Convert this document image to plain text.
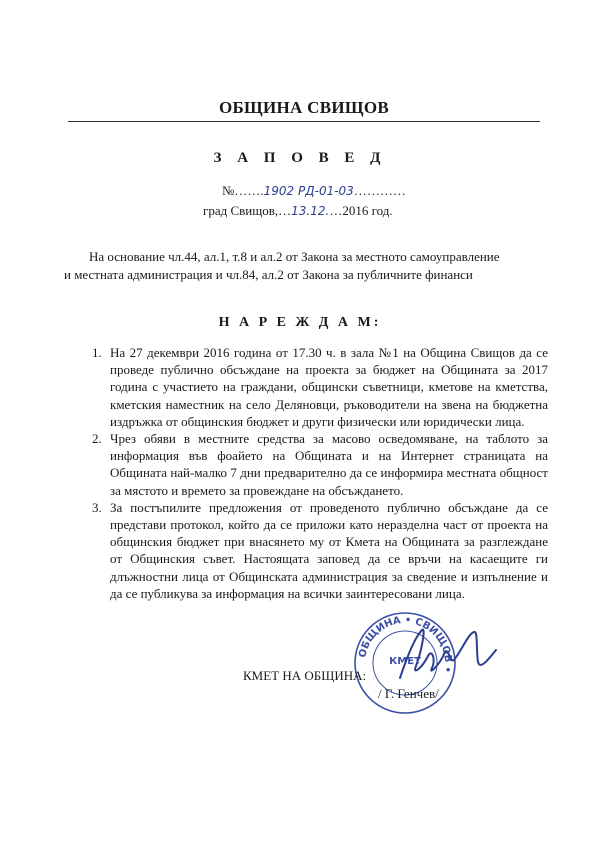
ОБЩИНА СВИЩОВ
З А П О В Е Д
№…….1902 РД-01-03…………
град Свищов,…13.12.…2016 год.
На основание чл.44, ал.1, т.8 и ал.2 от Закона за местното самоуправление
и местната администрация и чл.84, ал.2 от Закона за публичните финанси
Н А Р Е Ж Д А М:
1. На 27 декември 2016 година от 17.30 ч. в зала №1 на Община Свищов да се проведе публично обсъждане на проекта за бюджет на Общината за 2017 година с участието на граждани, общински съветници, кметове на кметства, кметския наместник на село Деляновци, ръководители на звена на бюджетна издръжка от общинския бюджет и други физически или юридически лица.
2. Чрез обяви в местните средства за масово осведомяване, на таблото за информация във фоайето на Общината и на Интернет страницата на Общината най-малко 7 дни предварително да се информира местната общност за мястото и времето за провеждане на обсъждането.
3. За постъпилите предложения от проведеното публично обсъждане да се представи протокол, който да се приложи като неразделна част от проекта на общинския бюджет при внасянето му от Кмета на Общината за разглеждане от Общинския съвет. Настоящата заповед да се връчи на касаещите ги длъжностни лица от Общинската администрация за сведение и изпълнение и да се публикува за информация на всички заинтересовани лица.
ОБЩИНА • СВИЩОВ •
КМЕТ
КМЕТ НА ОБЩИНА:
/ Г. Генчев/
